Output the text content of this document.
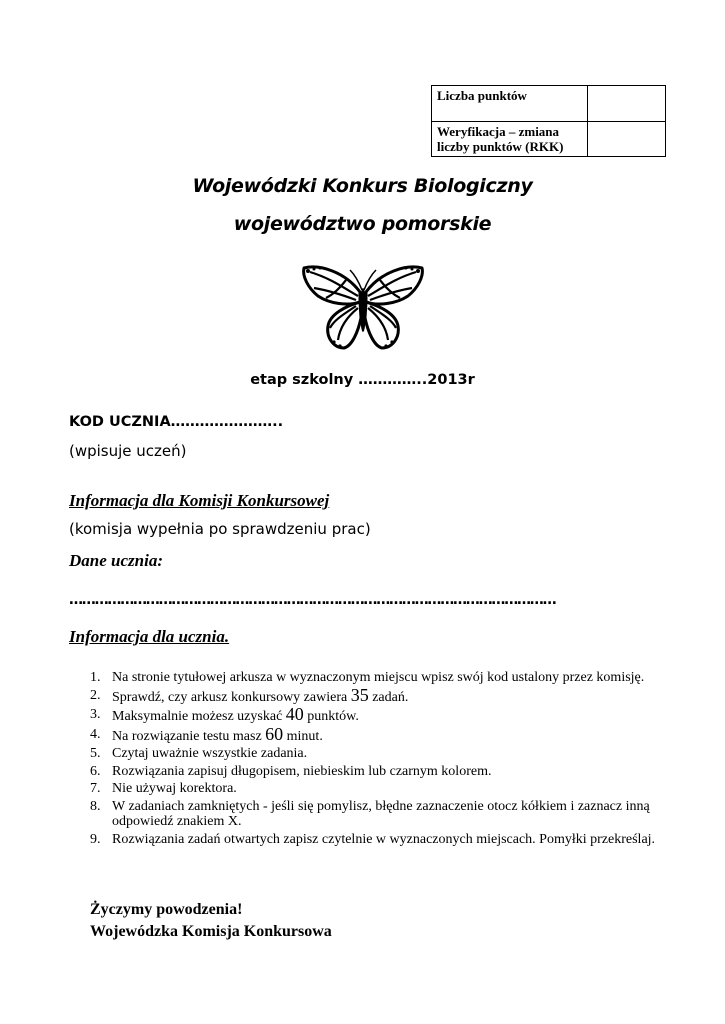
Liczba punktów	
Weryfikacja – zmiana liczby punktów (RKK)	
Wojewódzki Konkurs Biologiczny
województwo pomorskie
etap szkolny …………..2013r
KOD UCZNIA…………………..
(wpisuje uczeń)
Informacja dla Komisji Konkursowej
(komisja wypełnia po sprawdzeniu prac)
Dane ucznia:
……………………………………………………………………………………………………
Informacja dla ucznia.
1. Na stronie tytułowej arkusza w wyznaczonym miejscu wpisz swój kod ustalony przez komisję.
2. Sprawdź, czy arkusz konkursowy zawiera 35 zadań.
3. Maksymalnie możesz uzyskać 40 punktów.
4. Na rozwiązanie testu masz 60 minut.
5. Czytaj uważnie wszystkie zadania.
6. Rozwiązania zapisuj długopisem, niebieskim lub czarnym kolorem.
7. Nie używaj korektora.
8. W zadaniach zamkniętych - jeśli się pomylisz, błędne zaznaczenie otocz kółkiem i zaznacz inną odpowiedź znakiem X.
9. Rozwiązania zadań otwartych zapisz czytelnie w wyznaczonych miejscach. Pomyłki przekreślaj.
Życzymy powodzenia!
Wojewódzka Komisja Konkursowa
